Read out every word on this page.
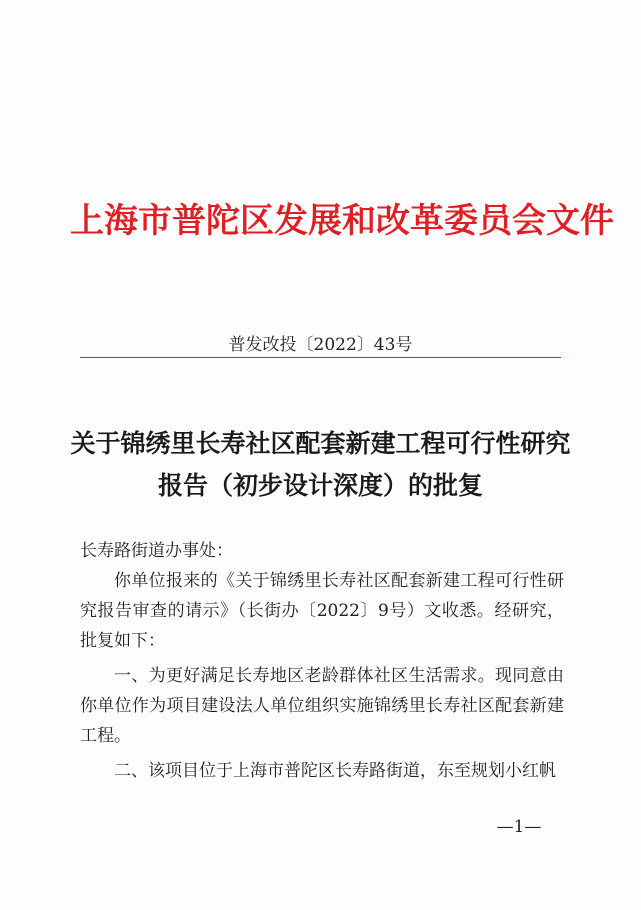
上海市普陀区发展和改革委员会文件
普发改投〔2022〕43号
关于锦绣里长寿社区配套新建工程可行性研究
报告（初步设计深度）的批复

长寿路街道办事处：

你单位报来的《关于锦绣里长寿社区配套新建工程可行性研究报告审查的请示》（长街办〔2022〕9号）文收悉。经研究，批复如下：

一、为更好满足长寿地区老龄群体社区生活需求。现同意由你单位作为项目建设法人单位组织实施锦绣里长寿社区配套新建工程。

二、该项目位于上海市普陀区长寿路街道，东至规划小红帆

—1—
